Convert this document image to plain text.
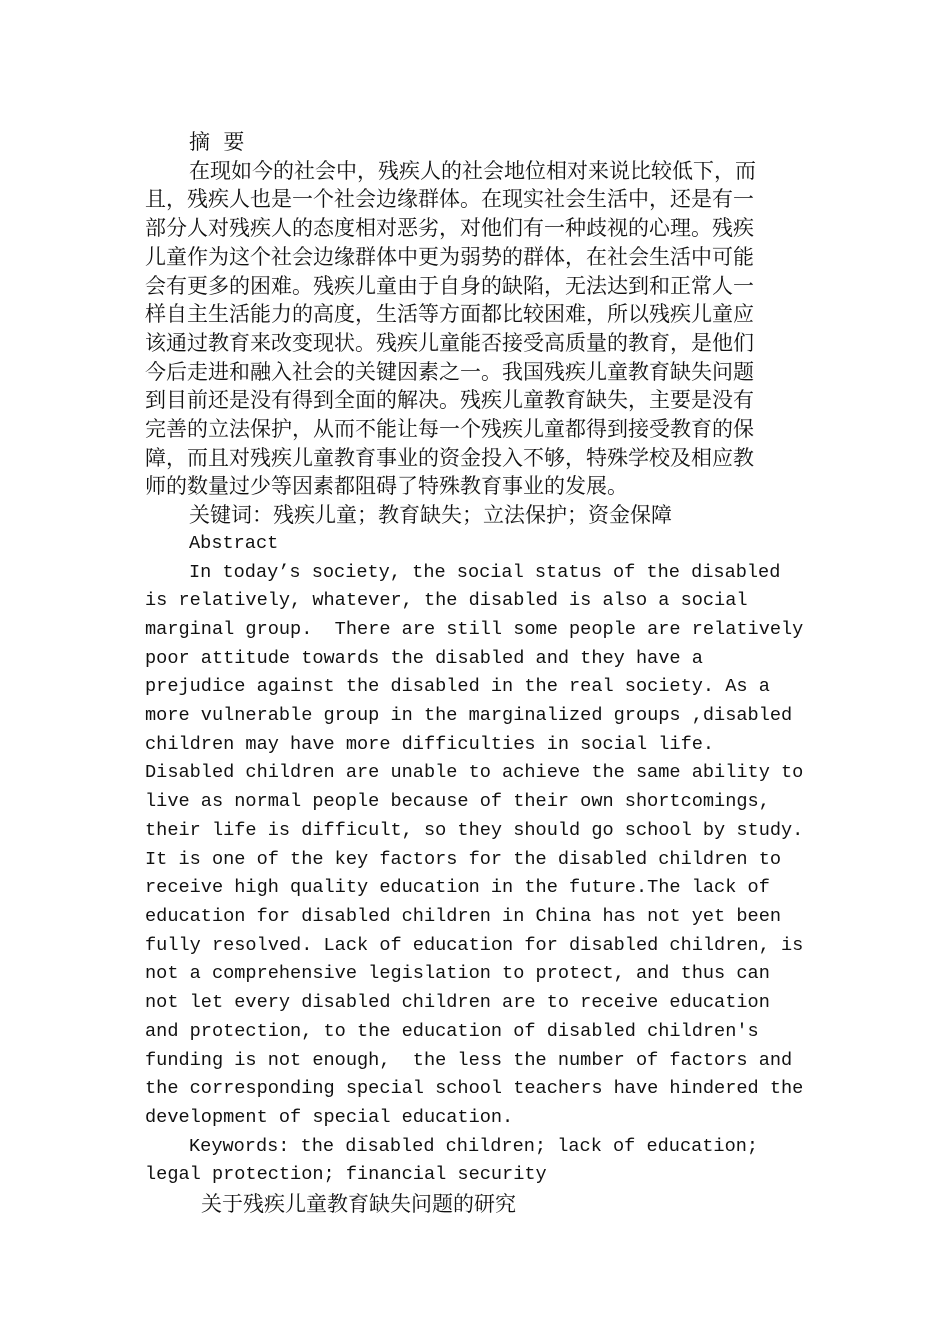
摘  要
在现如今的社会中，残疾人的社会地位相对来说比较低下，而
且，残疾人也是一个社会边缘群体。在现实社会生活中，还是有一
部分人对残疾人的态度相对恶劣，对他们有一种歧视的心理。残疾
儿童作为这个社会边缘群体中更为弱势的群体，在社会生活中可能
会有更多的困难。残疾儿童由于自身的缺陷，无法达到和正常人一
样自主生活能力的高度，生活等方面都比较困难，所以残疾儿童应
该通过教育来改变现状。残疾儿童能否接受高质量的教育，是他们
今后走进和融入社会的关键因素之一。我国残疾儿童教育缺失问题
到目前还是没有得到全面的解决。残疾儿童教育缺失，主要是没有
完善的立法保护，从而不能让每一个残疾儿童都得到接受教育的保
障，而且对残疾儿童教育事业的资金投入不够，特殊学校及相应教
师的数量过少等因素都阻碍了特殊教育事业的发展。
关键词：残疾儿童；教育缺失；立法保护；资金保障
Abstract
In today’s society, the social status of the disabled
is relatively, whatever, the disabled is also a social
marginal group.  There are still some people are relatively
poor attitude towards the disabled and they have a
prejudice against the disabled in the real society. As a
more vulnerable group in the marginalized groups ,disabled
children may have more difficulties in social life.
Disabled children are unable to achieve the same ability to
live as normal people because of their own shortcomings,
their life is difficult, so they should go school by study.
It is one of the key factors for the disabled children to
receive high quality education in the future.The lack of
education for disabled children in China has not yet been
fully resolved. Lack of education for disabled children, is
not a comprehensive legislation to protect, and thus can
not let every disabled children are to receive education
and protection, to the education of disabled children's
funding is not enough,  the less the number of factors and
the corresponding special school teachers have hindered the
development of special education.
Keywords: the disabled children; lack of education;
legal protection; financial security
关于残疾儿童教育缺失问题的研究
